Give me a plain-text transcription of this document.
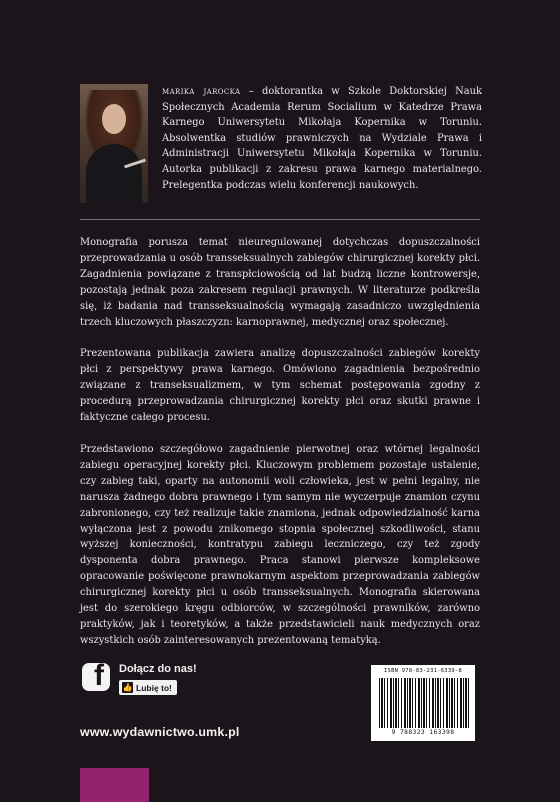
marika jarocka – doktorantka w Szkole Doktorskiej Nauk Społecznych Academia Rerum Socialium w Katedrze Prawa Karnego Uniwersytetu Mikołaja Kopernika w Toruniu. Absolwentka studiów prawniczych na Wydziale Prawa i Administracji Uniwersytetu Mikołaja Kopernika w Toruniu. Autorka publikacji z zakresu prawa karnego materialnego. Prelegentka podczas wielu konferencji naukowych.

Monografia porusza temat nieuregulowanej dotychczas dopuszczalności przeprowadzania u osób transseksualnych zabiegów chirurgicznej korekty płci. Zagadnienia powiązane z transpłciowością od lat budzą liczne kontrowersje, pozostają jednak poza zakresem regulacji prawnych. W literaturze podkreśla się, iż badania nad transseksualnością wymagają zasadniczo uwzględnienia trzech kluczowych płaszczyzn: karnoprawnej, medycznej oraz społecznej.

Prezentowana publikacja zawiera analizę dopuszczalności zabiegów korekty płci z perspektywy prawa karnego. Omówiono zagadnienia bezpośrednio związane z transeksualizmem, w tym schemat postępowania zgodny z procedurą przeprowadzania chirurgicznej korekty płci oraz skutki prawne i faktyczne całego procesu.

Przedstawiono szczegółowo zagadnienie pierwotnej oraz wtórnej legalności zabiegu operacyjnej korekty płci. Kluczowym problemem pozostaje ustalenie, czy zabieg taki, oparty na autonomii woli człowieka, jest w pełni legalny, nie narusza żadnego dobra prawnego i tym samym nie wyczerpuje znamion czynu zabronionego, czy też realizuje takie znamiona, jednak odpowiedzialność karna wyłączona jest z powodu znikomego stopnia społecznej szkodliwości, stanu wyższej konieczności, kontratypu zabiegu leczniczego, czy też zgody dysponenta dobra prawnego. Praca stanowi pierwsze kompleksowe opracowanie poświęcone prawnokarnym aspektom przeprowadzania zabiegów chirurgicznej korekty płci u osób transseksualnych. Monografia skierowana jest do szerokiego kręgu odbiorców, w szczególności prawników, zarówno praktyków, jak i teoretyków, a także przedstawicieli nauk medycznych oraz wszystkich osób zainteresowanych prezentowaną tematyką.

f Dołącz do nas!
👍 Lubię to!
www.wydawnictwo.umk.pl
ISBN 978-83-231-6339-8
9 788323 163398
